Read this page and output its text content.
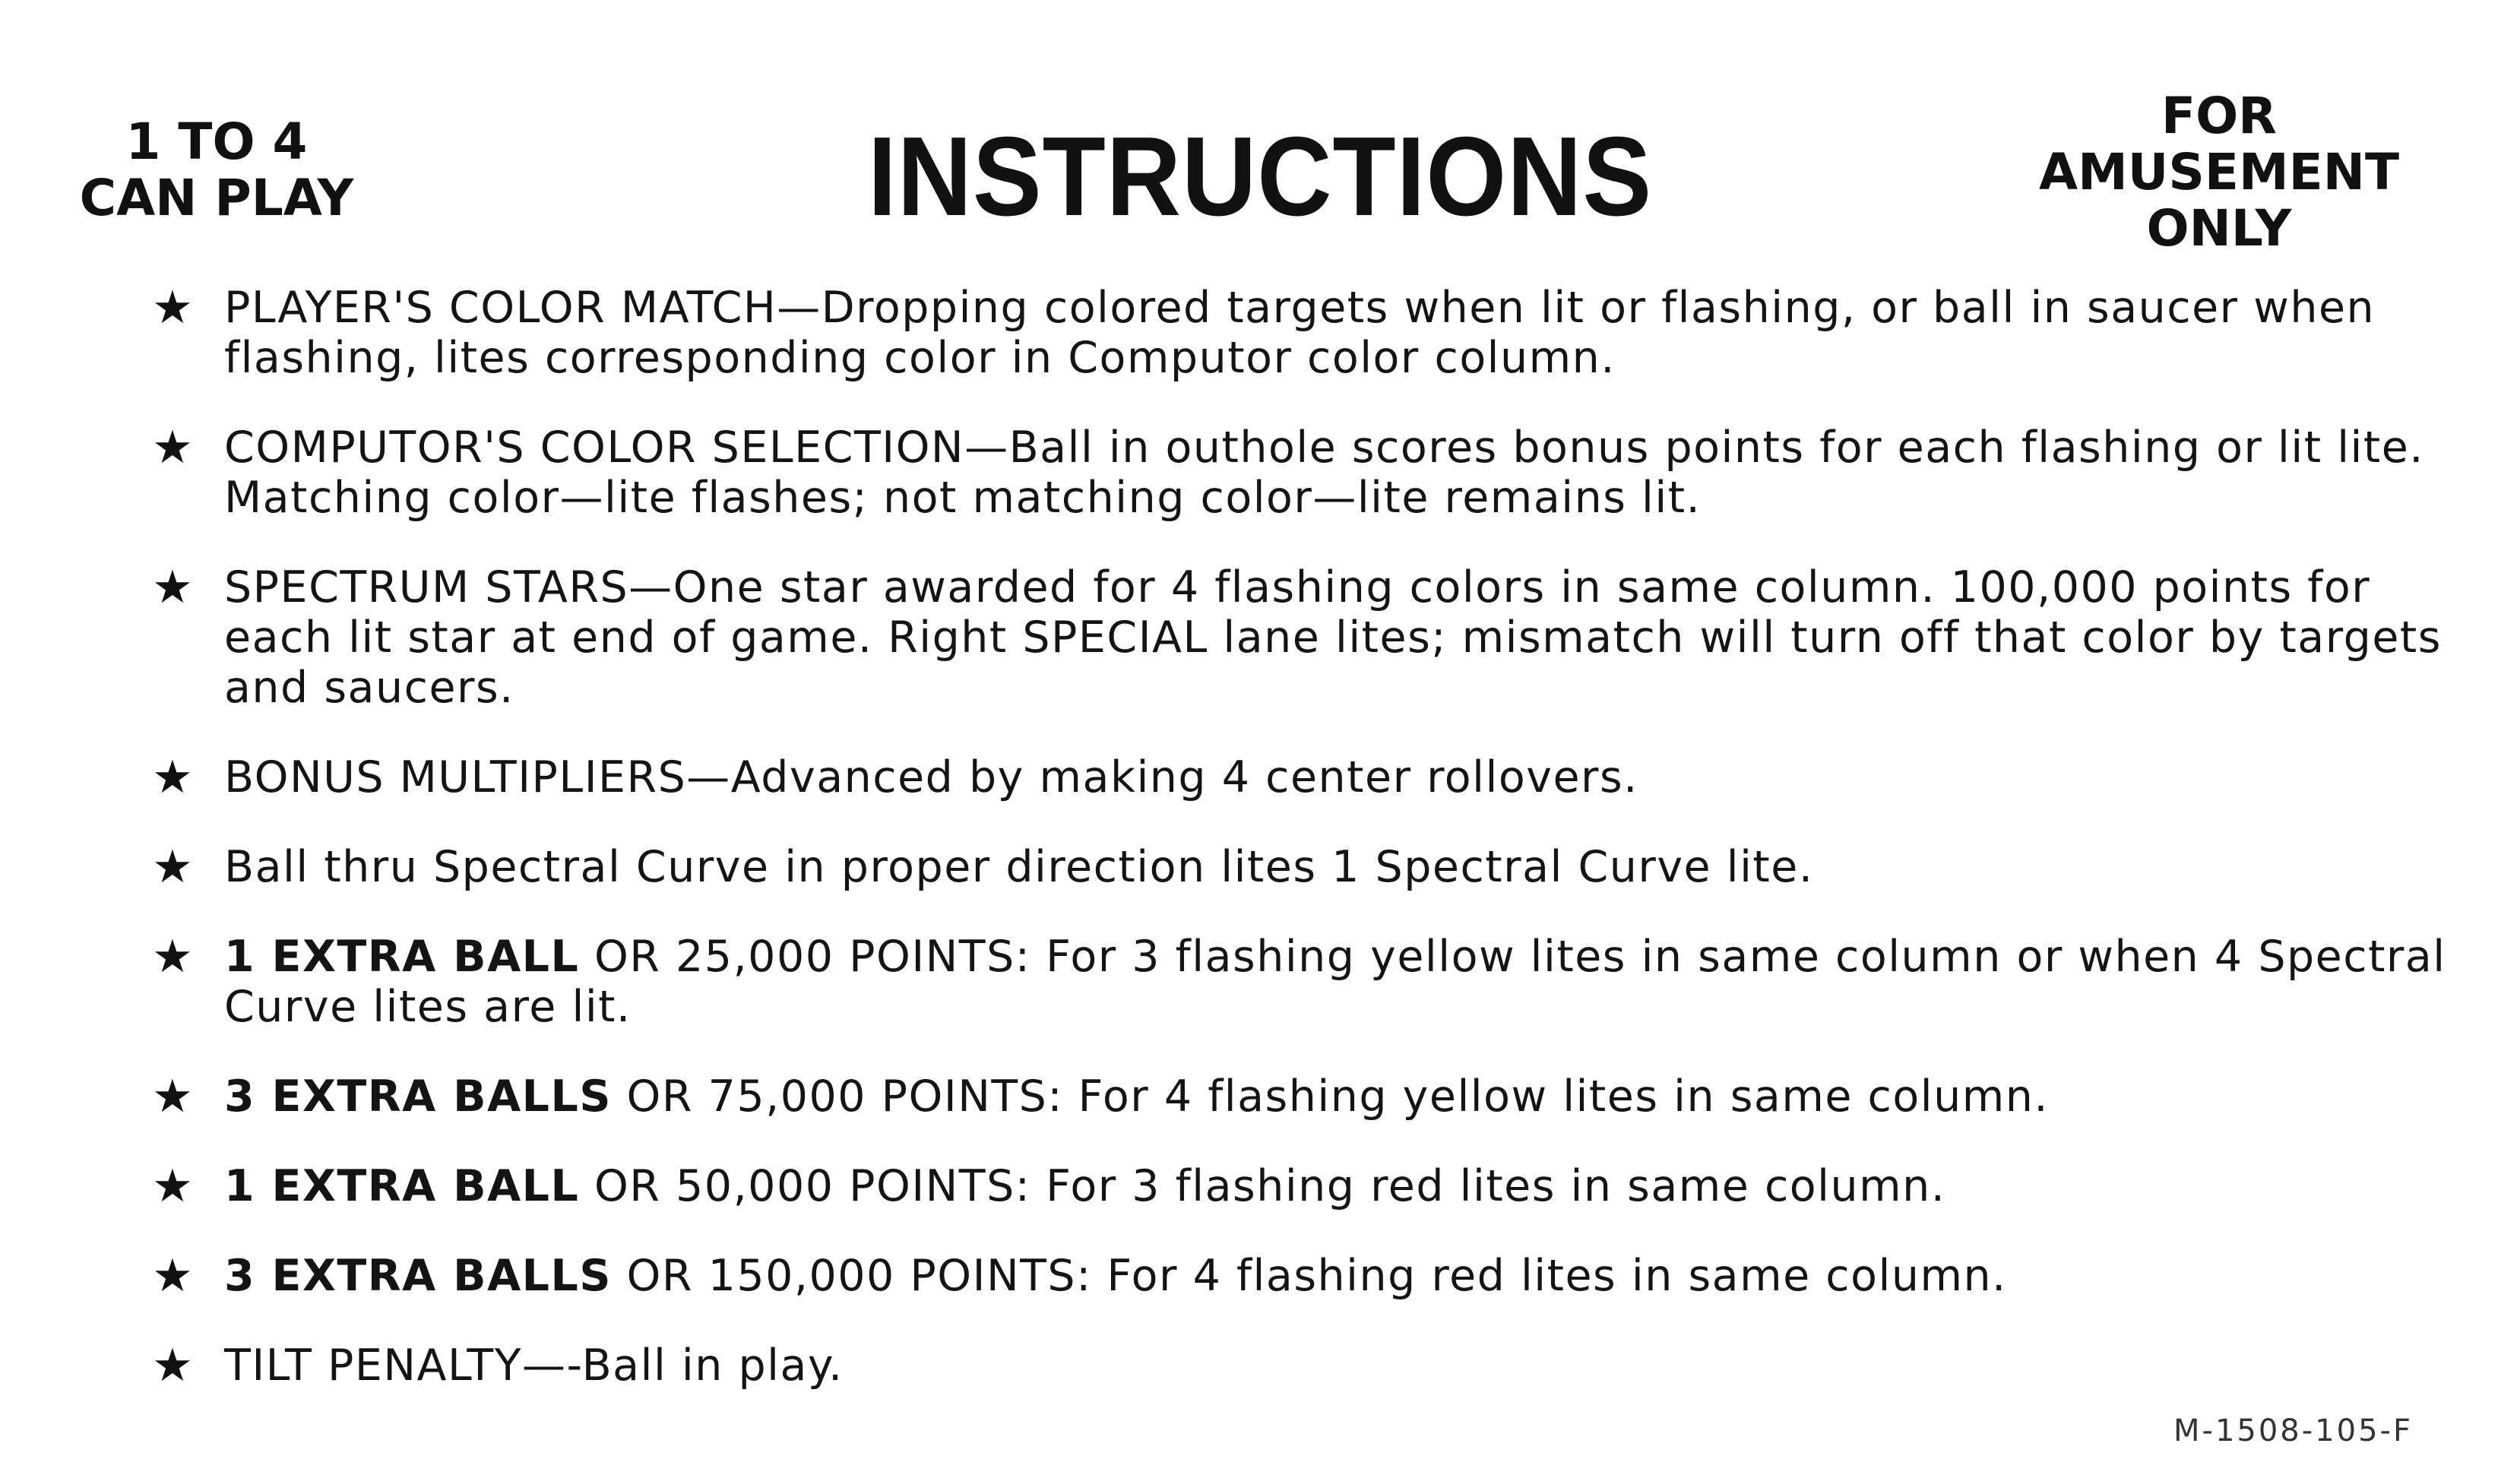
1 TO 4
CAN PLAY	INSTRUCTIONS	FOR
AMUSEMENT
ONLY
★ PLAYER'S COLOR MATCH—Dropping colored targets when lit or flashing, or ball in saucer when flashing, lites corresponding color in Computor color column.
★ COMPUTOR'S COLOR SELECTION—Ball in outhole scores bonus points for each flashing or lit lite. Matching color—lite flashes; not matching color—lite remains lit.
★ SPECTRUM STARS—One star awarded for 4 flashing colors in same column. 100,000 points for each lit star at end of game. Right SPECIAL lane lites; mismatch will turn off that color by targets and saucers.
★ BONUS MULTIPLIERS—Advanced by making 4 center rollovers.
★ Ball thru Spectral Curve in proper direction lites 1 Spectral Curve lite.
★ 1 EXTRA BALL OR 25,000 POINTS: For 3 flashing yellow lites in same column or when 4 Spectral Curve lites are lit.
★ 3 EXTRA BALLS OR 75,000 POINTS: For 4 flashing yellow lites in same column.
★ 1 EXTRA BALL OR 50,000 POINTS: For 3 flashing red lites in same column.
★ 3 EXTRA BALLS OR 150,000 POINTS: For 4 flashing red lites in same column.
★ TILT PENALTY—-Ball in play.
M-1508-105-F
